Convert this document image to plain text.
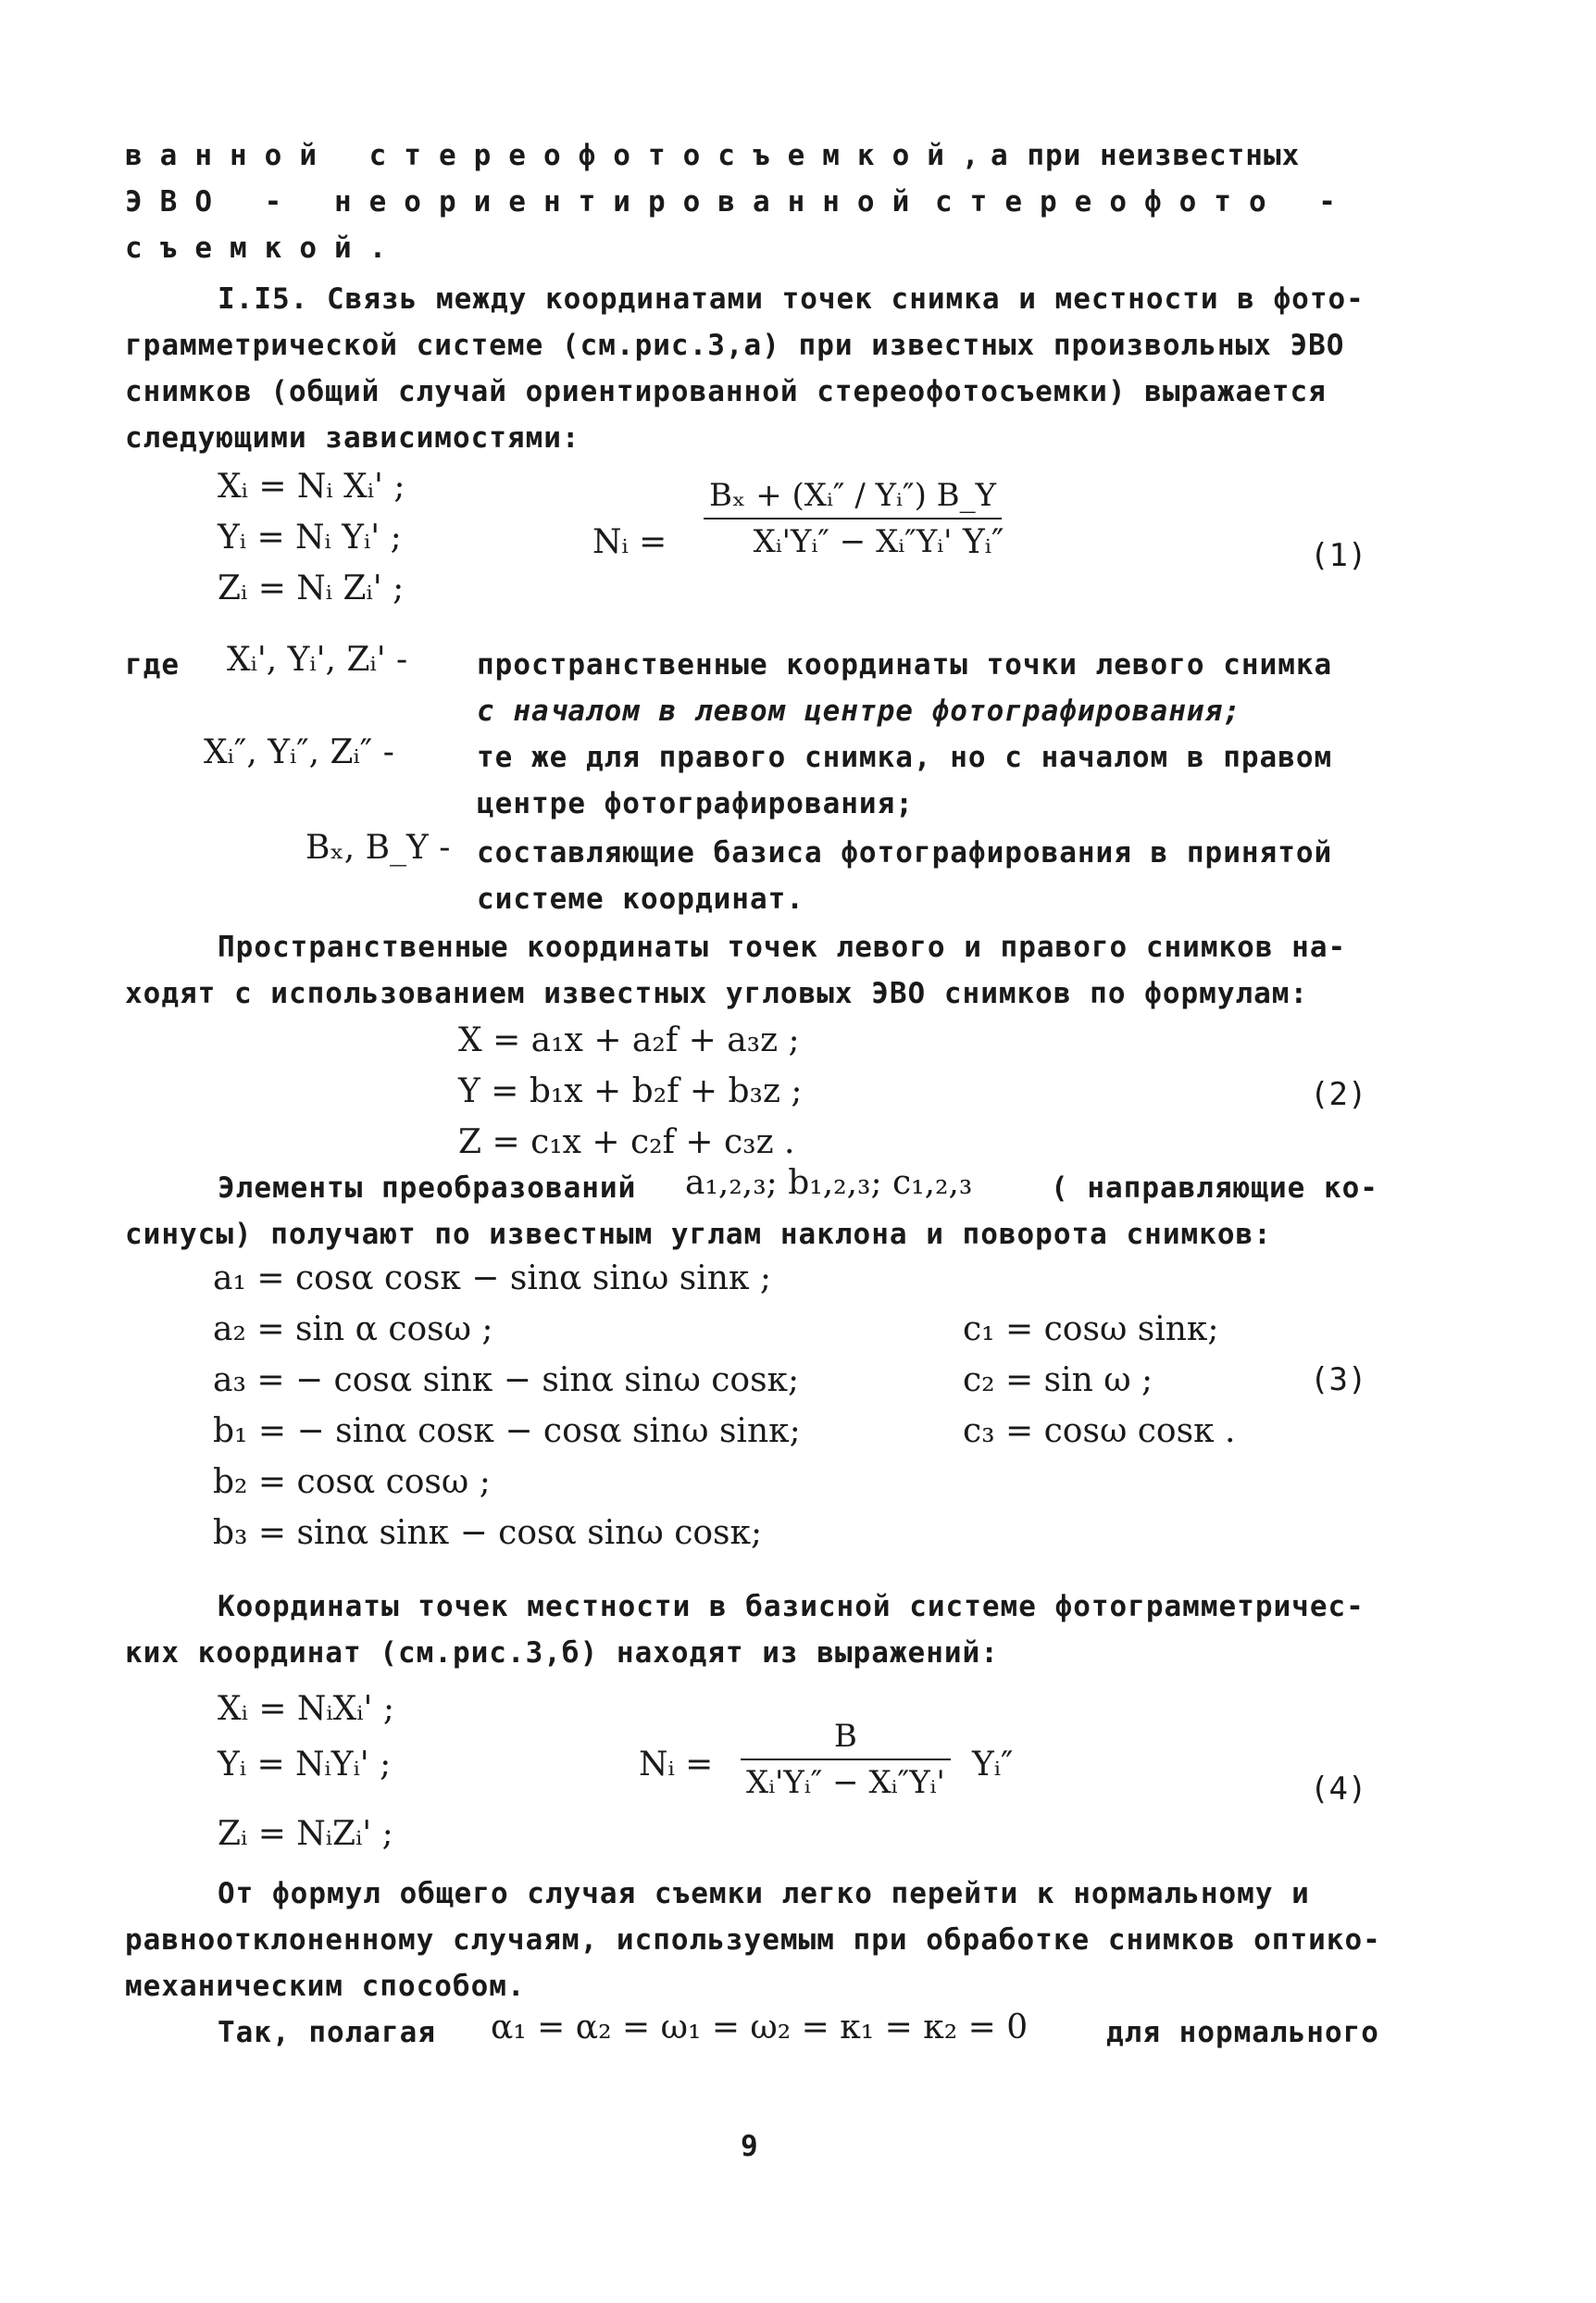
ванной стереофотосъемкой,
а при неизвестных
ЭВО - неориентированной стереофото -
съемкой.
I.I5. Связь между координатами точек снимка и местности в фото-
грамметрической системе (см.рис.3,а) при известных произвольных ЭВО
снимков (общий случай ориентированной стереофотосъемки) выражается
следующими зависимостями:
Xᵢ = Nᵢ Xᵢ' ;
Yᵢ = Nᵢ Yᵢ' ;
Zᵢ = Nᵢ Zᵢ' ;
Nᵢ =
Bₓ + (Xᵢ″ / Yᵢ″) B_Y
Xᵢ'Yᵢ″ − Xᵢ″Yᵢ' Yᵢ″	(1)
где Xᵢ', Yᵢ', Zᵢ' - пространственные координаты точки левого снимка
с началом в левом центре фотографирования;
Xᵢ″, Yᵢ″, Zᵢ″ -	те же для правого снимка, но с началом в правом
центре фотографирования;
Bₓ, B_Y - составляющие базиса фотографирования в принятой
системе координат.
Пространственные координаты точек левого и правого снимков на-
ходят с использованием известных угловых ЭВО снимков по формулам:
X = a₁x + a₂f + a₃z ;
Y = b₁x + b₂f + b₃z ;
Z = c₁x + c₂f + c₃z .
(2)
Элементы преобразований a₁,₂,₃; b₁,₂,₃; c₁,₂,₃	( направляющие ко-
синусы) получают по известным углам наклона и поворота снимков:
a₁ = cosα cosκ − sinα sinω sinκ ;
a₂ = sin α cosω ;
a₃ = − cosα sinκ − sinα sinω cosκ;
b₁ = − sinα cosκ − cosα sinω sinκ;
b₂ = cosα cosω ;
b₃ = sinα sinκ − cosα sinω cosκ;
c₁ = cosω sinκ;
c₂ = sin ω ;
c₃ = cosω cosκ .
(3)
Координаты точек местности в базисной системе фотограмметричес-
ких координат (см.рис.3,б) находят из выражений:
Xᵢ = NᵢXᵢ' ;
Yᵢ = NᵢYᵢ' ;
Zᵢ = NᵢZᵢ' ;
Nᵢ =
B
Xᵢ'Yᵢ″ − Xᵢ″Yᵢ' Yᵢ″
(4)
От формул общего случая съемки легко перейти к нормальному и
равноотклоненному случаям, используемым при обработке снимков оптико-
механическим способом.
Так, полагая α₁ = α₂ = ω₁ = ω₂ = κ₁ = κ₂ = 0	для нормального
9
